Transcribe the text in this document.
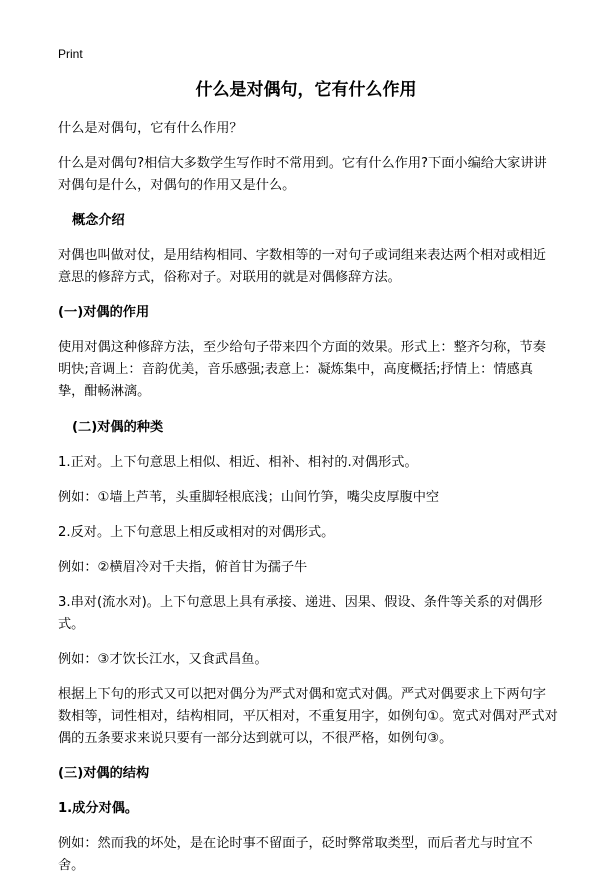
Print
什么是对偶句，它有什么作用

什么是对偶句，它有什么作用？

什么是对偶句?相信大多数学生写作时不常用到。它有什么作用?下面小编给大家讲讲对偶句是什么，对偶句的作用又是什么。

概念介绍

对偶也叫做对仗，是用结构相同、字数相等的一对句子或词组来表达两个相对或相近意思的修辞方式，俗称对子。对联用的就是对偶修辞方法。

(一)对偶的作用

使用对偶这种修辞方法，至少给句子带来四个方面的效果。形式上：整齐匀称，节奏明快;音调上：音韵优美，音乐感强;表意上：凝炼集中，高度概括;抒情上：情感真挚，酣畅淋漓。

(二)对偶的种类

1.正对。上下句意思上相似、相近、相补、相衬的.对偶形式。

例如：①墙上芦苇，头重脚轻根底浅；山间竹笋，嘴尖皮厚腹中空

2.反对。上下句意思上相反或相对的对偶形式。

例如：②横眉冷对千夫指，俯首甘为孺子牛

3.串对(流水对)。上下句意思上具有承接、递进、因果、假设、条件等关系的对偶形式。

例如：③才饮长江水，又食武昌鱼。

根据上下句的形式又可以把对偶分为严式对偶和宽式对偶。严式对偶要求上下两句字数相等，词性相对，结构相同，平仄相对，不重复用字，如例句①。宽式对偶对严式对偶的五条要求来说只要有一部分达到就可以，不很严格，如例句③。

(三)对偶的结构
1.成分对偶。

例如：然而我的坏处，是在论时事不留面子，砭时弊常取类型，而后者尤与时宜不舍。
